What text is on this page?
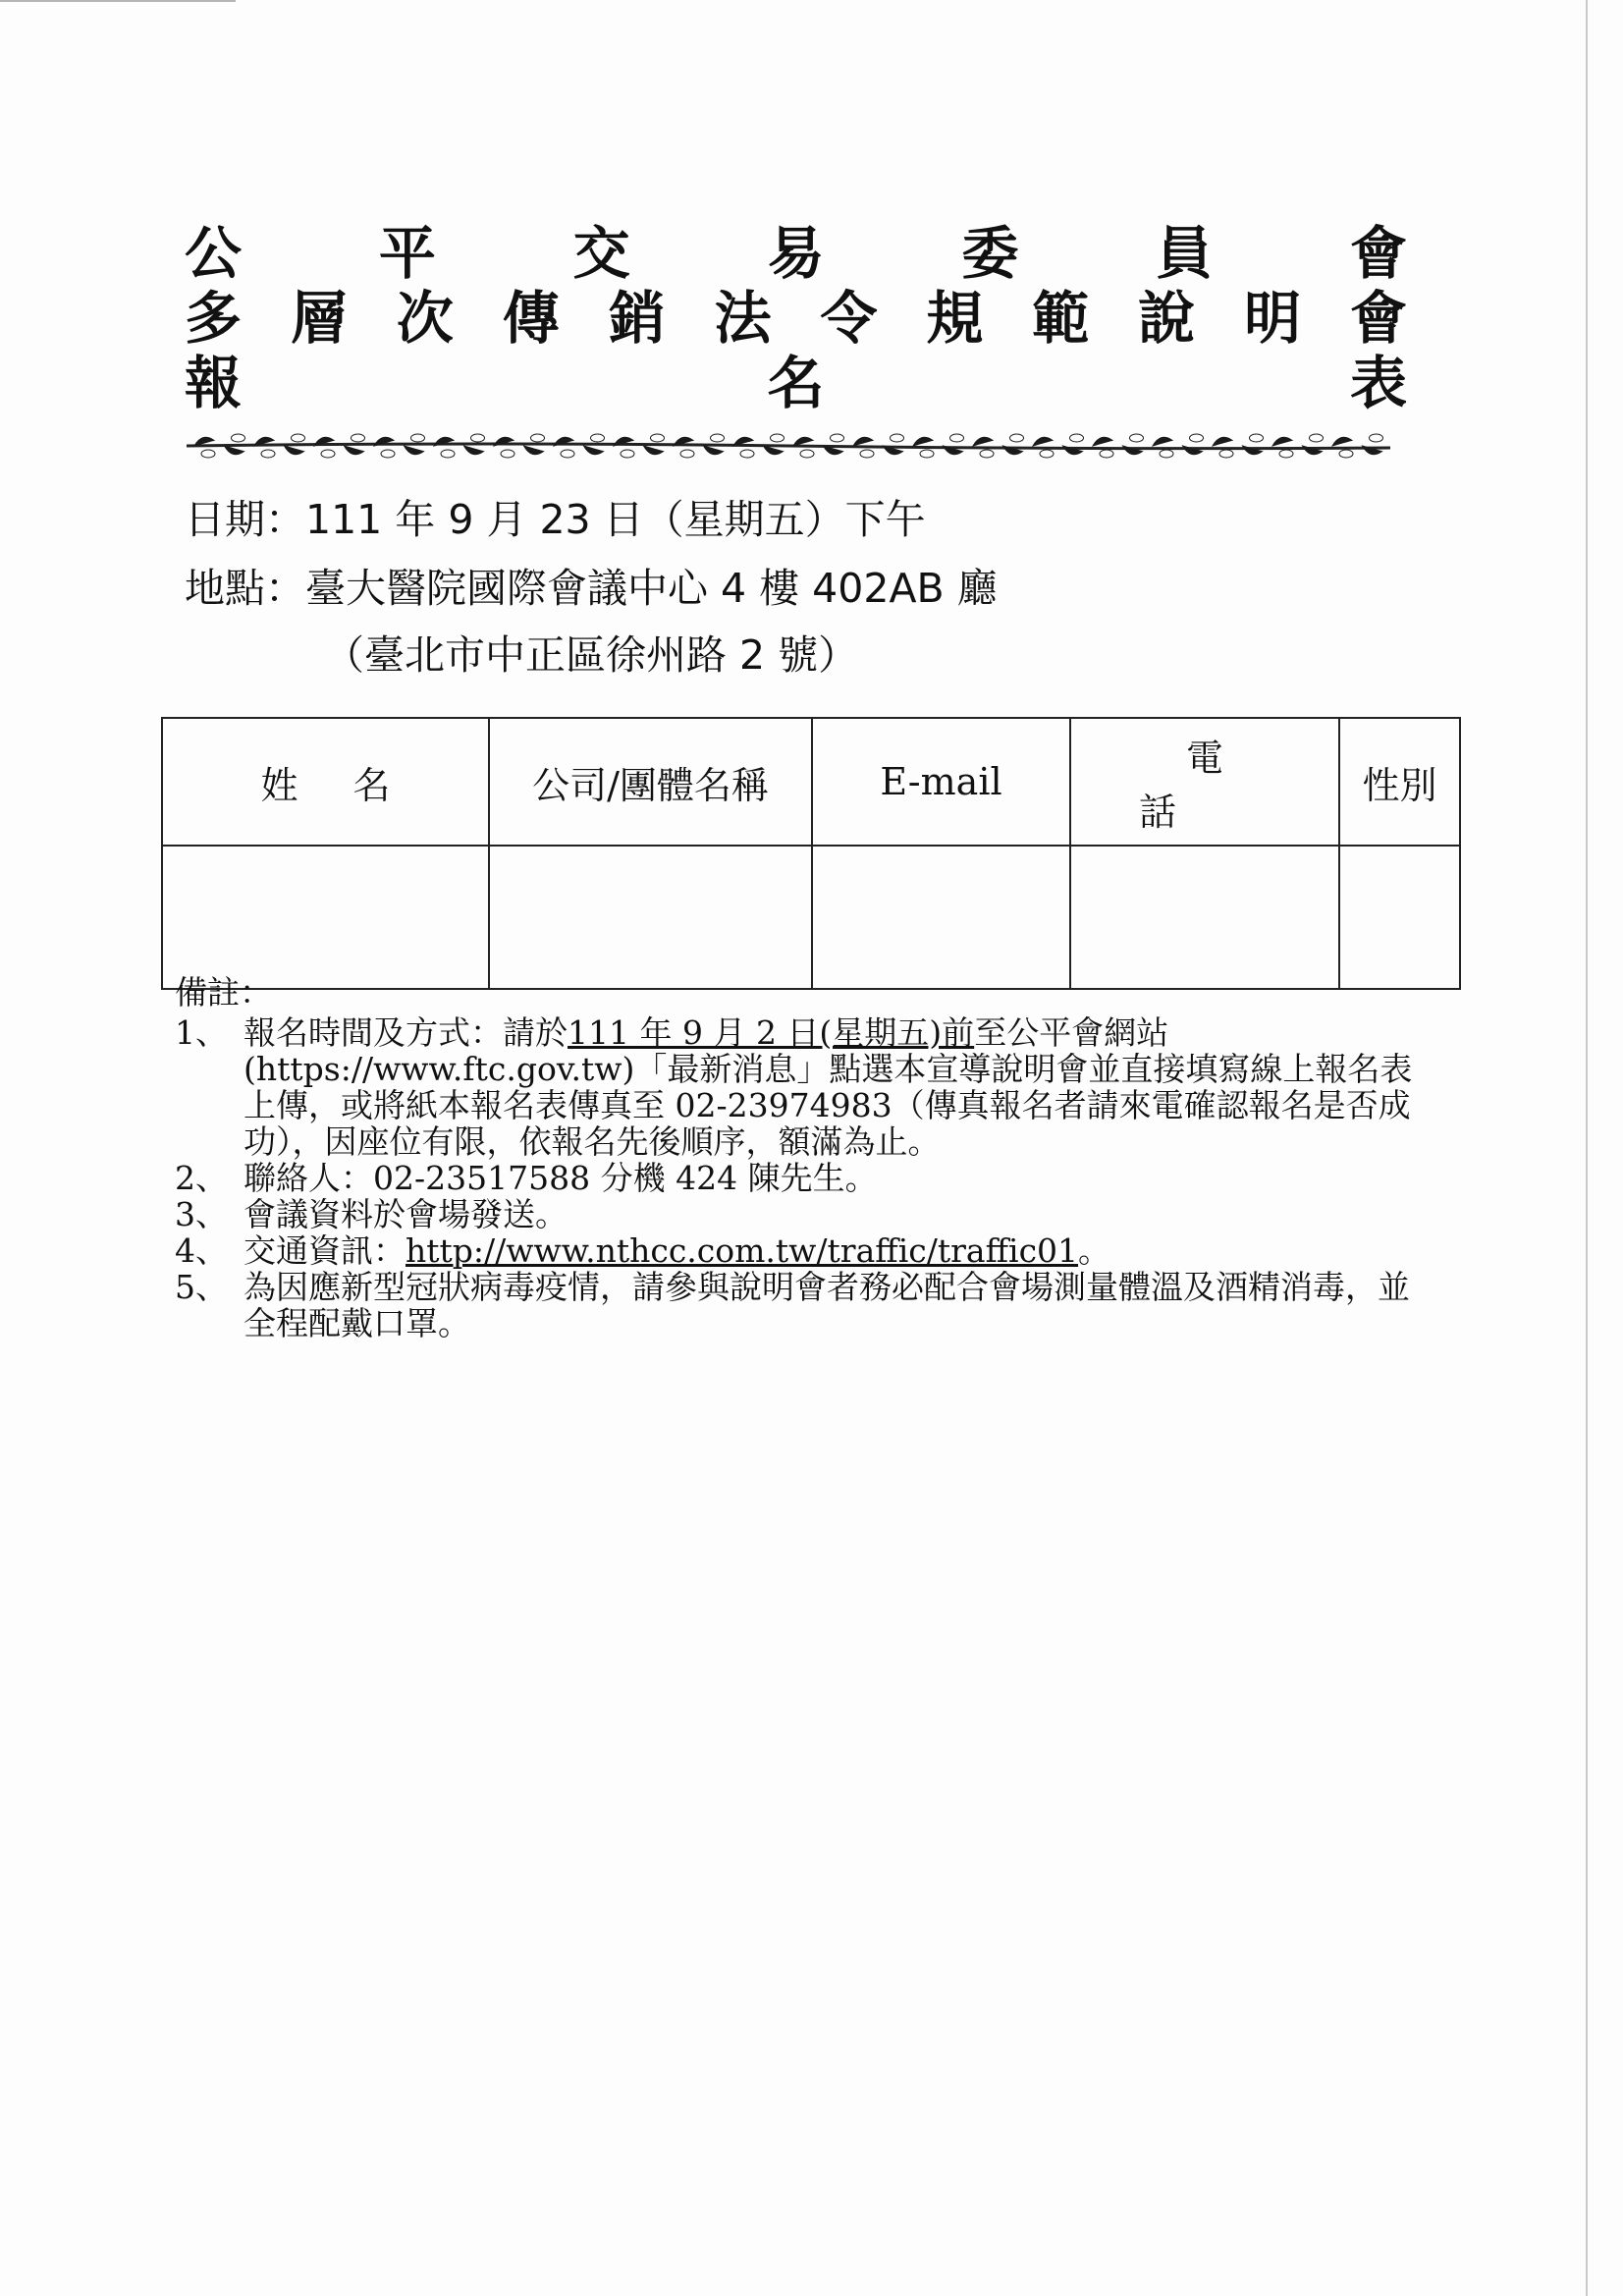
公 平 交 易 委 員 會
多 層 次 傳 銷 法 令 規 範 說 明 會
報	名	表
日期：111 年 9 月 23 日（星期五）下午
地點：臺大醫院國際會議中心 4 樓 402AB 廳
（臺北市中正區徐州路 2 號）
姓名	公司/團體名稱	E-mail	電話	性別

備註：
1、 報名時間及方式：請於111 年 9 月 2 日(星期五)前至公平會網站(https://www.ftc.gov.tw)「最新消息」點選本宣導說明會並直接填寫線上報名表上傳，或將紙本報名表傳真至 02-23974983（傳真報名者請來電確認報名是否成功），因座位有限，依報名先後順序，額滿為止。
2、 聯絡人：02-23517588 分機 424 陳先生。
3、 會議資料於會場發送。
4、 交通資訊：http://www.nthcc.com.tw/traffic/traffic01。
5、 為因應新型冠狀病毒疫情，請參與說明會者務必配合會場測量體溫及酒精消毒，並全程配戴口罩。
